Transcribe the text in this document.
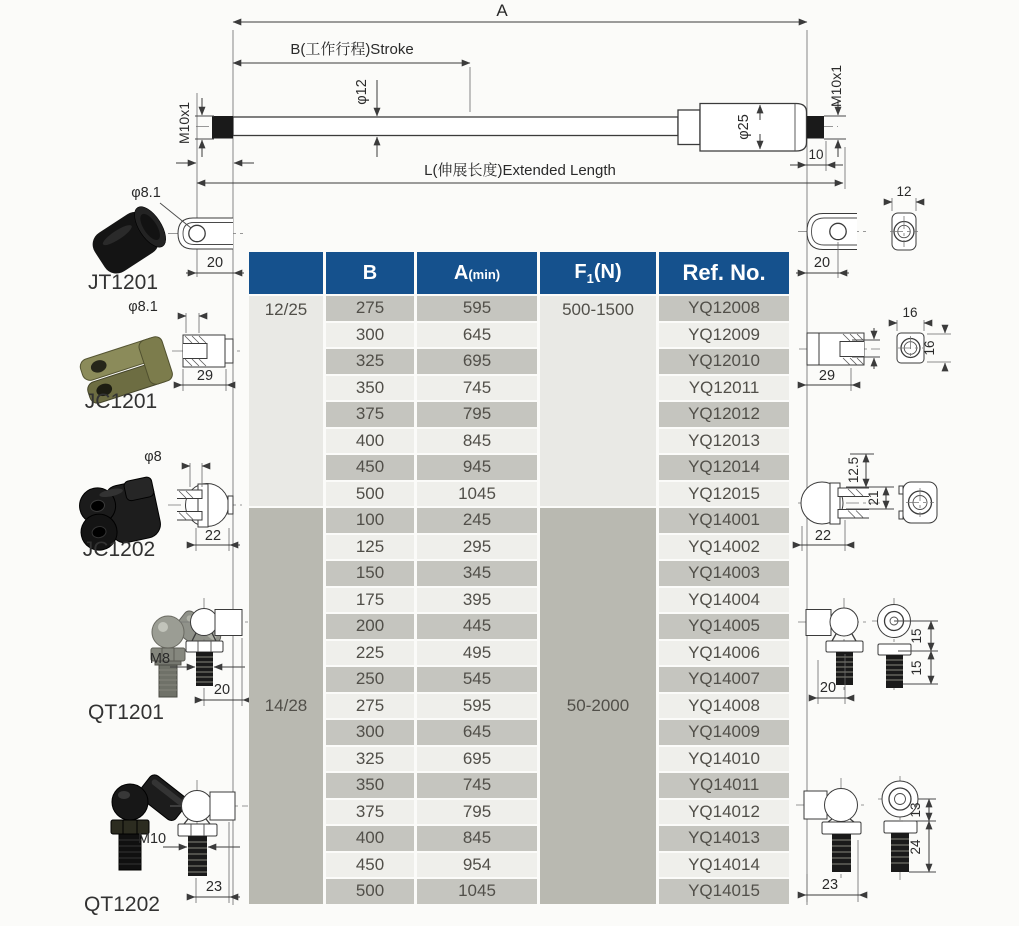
A
B(工作行程)Stroke
φ12
φ25
M10x1
M10x1
10
L(伸展长度)Extended Length
φ8.1
20
JT1201
20
12
φ8.1
29
JC1201
29
16
16
φ8
22
JC1202
12.5
21
22
M8
20
QT1201
20
15
15
M10
23
QT1202
23
13
24
	B	A(min)	$F_1(N)$	Ref. No.
12/25	275	595	500-1500	YQ12008
	300	645		YQ12009
	325	695		YQ12010
	350	745		YQ12011
	375	795		YQ12012
	400	845		YQ12013
	450	945		YQ12014
	500	1045		YQ12015
14/28	100	245	50-2000	YQ14001
	125	295		YQ14002
	150	345		YQ14003
	175	395		YQ14004
	200	445		YQ14005
	225	495		YQ14006
	250	545		YQ14007
	275	595		YQ14008
	300	645		YQ14009
	325	695		YQ14010
	350	745		YQ14011
	375	795		YQ14012
	400	845		YQ14013
	450	954		YQ14014
	500	1045		YQ14015
